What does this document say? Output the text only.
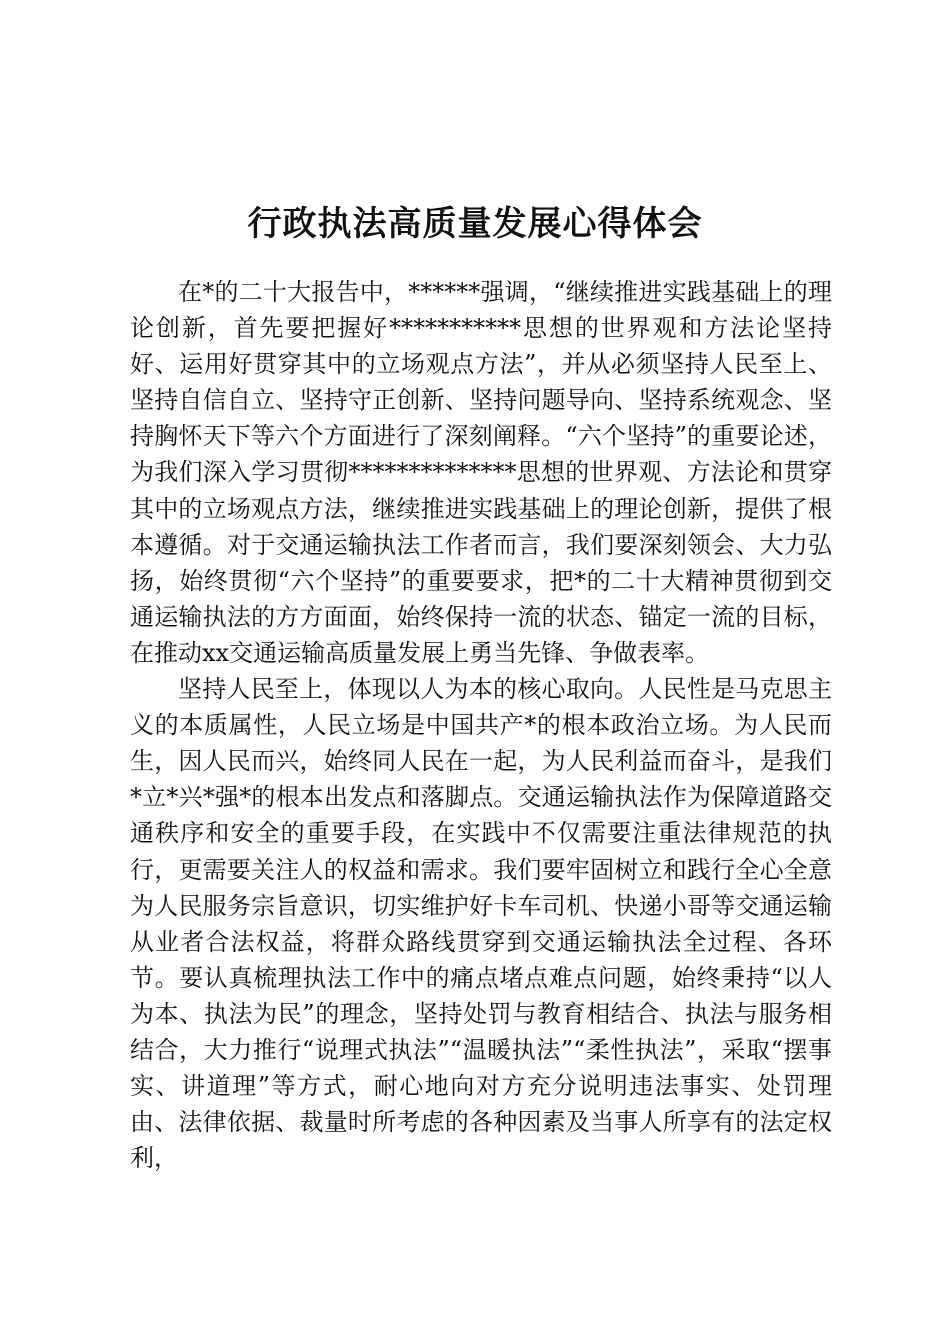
行政执法高质量发展心得体会

在*的二十大报告中，******强调，“继续推进实践基础上的理论创新，首先要把握好***********思想的世界观和方法论坚持好、运用好贯穿其中的立场观点方法”，并从必须坚持人民至上、坚持自信自立、坚持守正创新、坚持问题导向、坚持系统观念、坚持胸怀天下等六个方面进行了深刻阐释。“六个坚持”的重要论述，为我们深入学习贯彻**************思想的世界观、方法论和贯穿其中的立场观点方法，继续推进实践基础上的理论创新，提供了根本遵循。对于交通运输执法工作者而言，我们要深刻领会、大力弘扬，始终贯彻“六个坚持”的重要要求，把*的二十大精神贯彻到交通运输执法的方方面面，始终保持一流的状态、锚定一流的目标，在推动xx交通运输高质量发展上勇当先锋、争做表率。

坚持人民至上，体现以人为本的核心取向。人民性是马克思主义的本质属性，人民立场是中国共产*的根本政治立场。为人民而生，因人民而兴，始终同人民在一起，为人民利益而奋斗，是我们*立*兴*强*的根本出发点和落脚点。交通运输执法作为保障道路交通秩序和安全的重要手段，在实践中不仅需要注重法律规范的执行，更需要关注人的权益和需求。我们要牢固树立和践行全心全意为人民服务宗旨意识，切实维护好卡车司机、快递小哥等交通运输从业者合法权益，将群众路线贯穿到交通运输执法全过程、各环节。要认真梳理执法工作中的痛点堵点难点问题，始终秉持“以人为本、执法为民”的理念，坚持处罚与教育相结合、执法与服务相结合，大力推行“说理式执法”“温暖执法”“柔性执法”，采取“摆事实、讲道理”等方式，耐心地向对方充分说明违法事实、处罚理由、法律依据、裁量时所考虑的各种因素及当事人所享有的法定权利，
